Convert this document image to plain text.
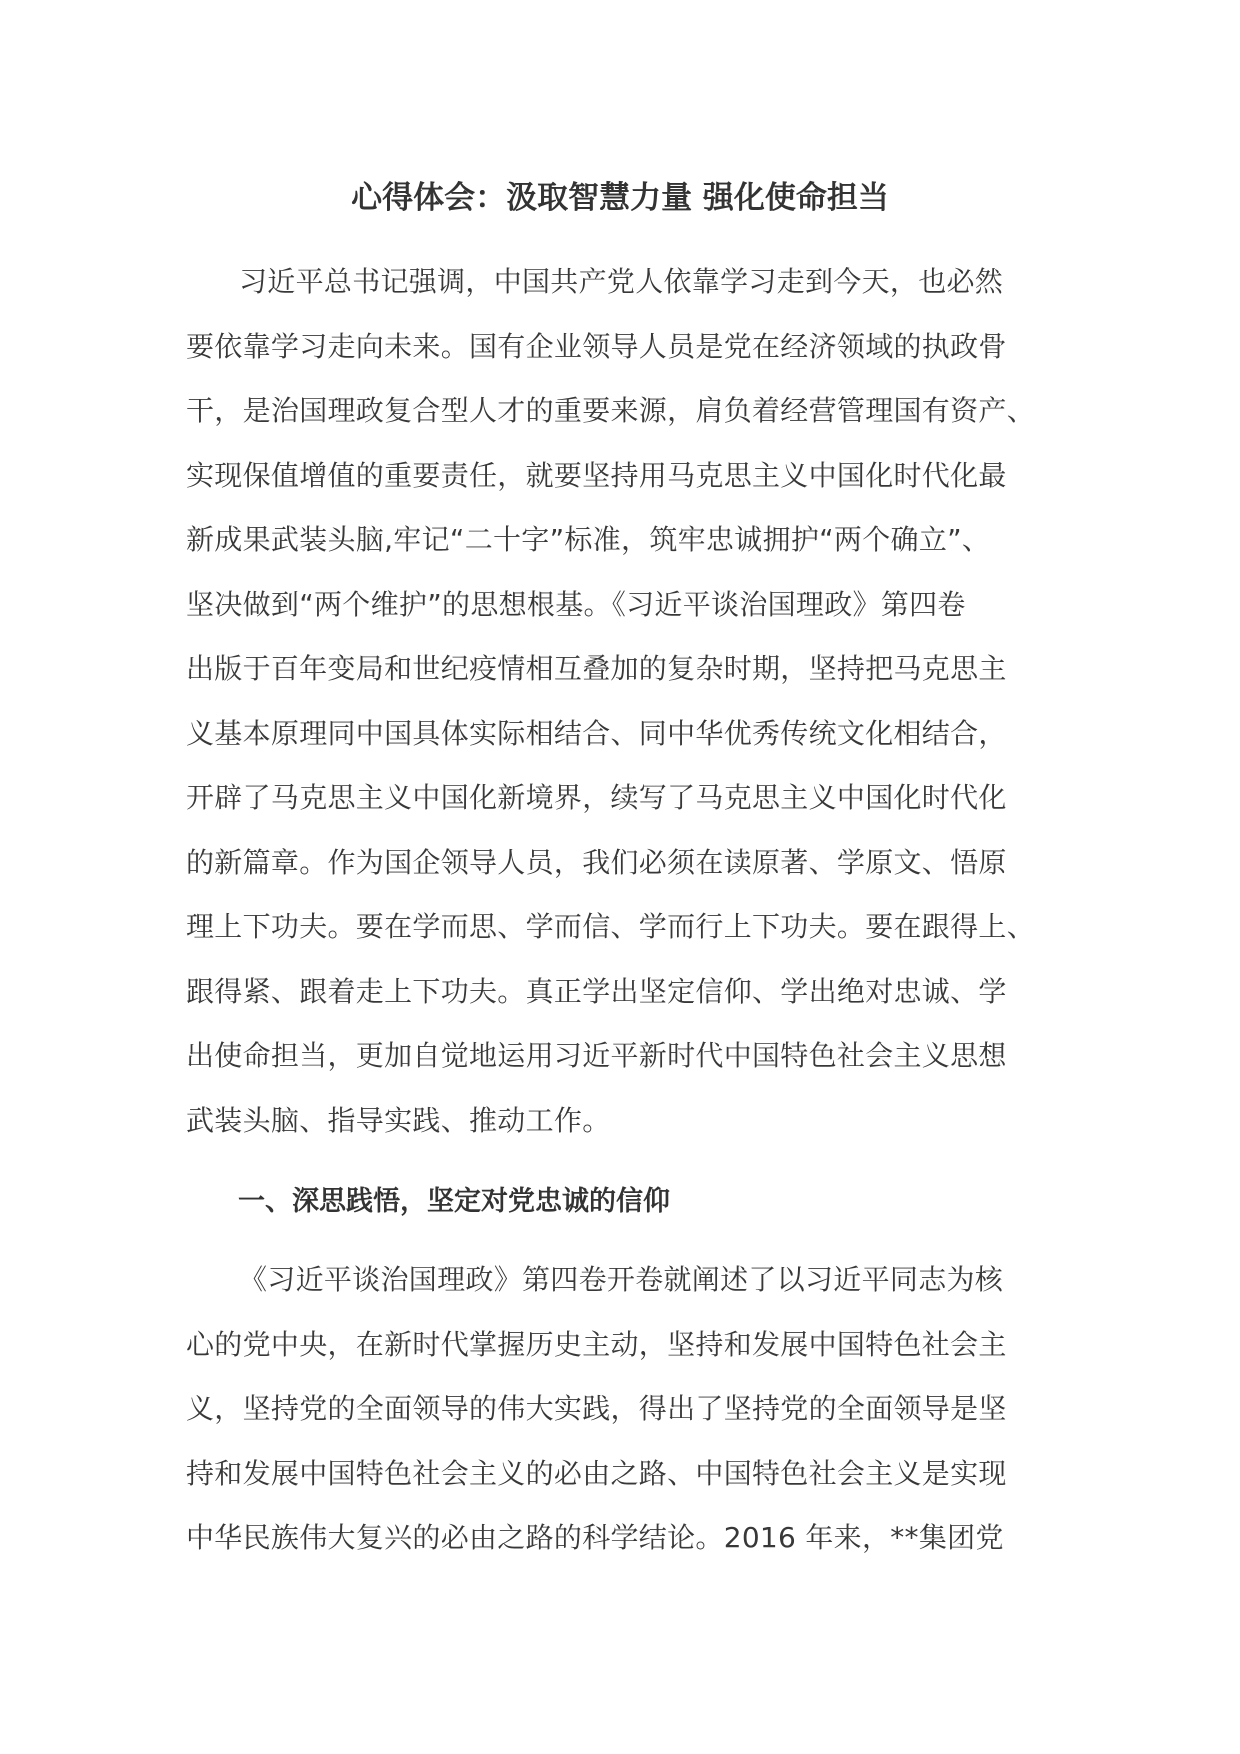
心得体会：汲取智慧力量 强化使命担当

习近平总书记强调，中国共产党人依靠学习走到今天，也必然
要依靠学习走向未来。国有企业领导人员是党在经济领域的执政骨
干，是治国理政复合型人才的重要来源，肩负着经营管理国有资产、
实现保值增值的重要责任，就要坚持用马克思主义中国化时代化最
新成果武装头脑,牢记“二十字”标准，筑牢忠诚拥护“两个确立”、
坚决做到“两个维护”的思想根基。《习近平谈治国理政》第四卷
出版于百年变局和世纪疫情相互叠加的复杂时期，坚持把马克思主
义基本原理同中国具体实际相结合、同中华优秀传统文化相结合，
开辟了马克思主义中国化新境界，续写了马克思主义中国化时代化
的新篇章。作为国企领导人员，我们必须在读原著、学原文、悟原
理上下功夫。要在学而思、学而信、学而行上下功夫。要在跟得上、
跟得紧、跟着走上下功夫。真正学出坚定信仰、学出绝对忠诚、学
出使命担当，更加自觉地运用习近平新时代中国特色社会主义思想
武装头脑、指导实践、推动工作。

一、深思践悟，坚定对党忠诚的信仰

《习近平谈治国理政》第四卷开卷就阐述了以习近平同志为核
心的党中央，在新时代掌握历史主动，坚持和发展中国特色社会主
义，坚持党的全面领导的伟大实践，得出了坚持党的全面领导是坚
持和发展中国特色社会主义的必由之路、中国特色社会主义是实现
中华民族伟大复兴的必由之路的科学结论。2016 年来，**集团党
